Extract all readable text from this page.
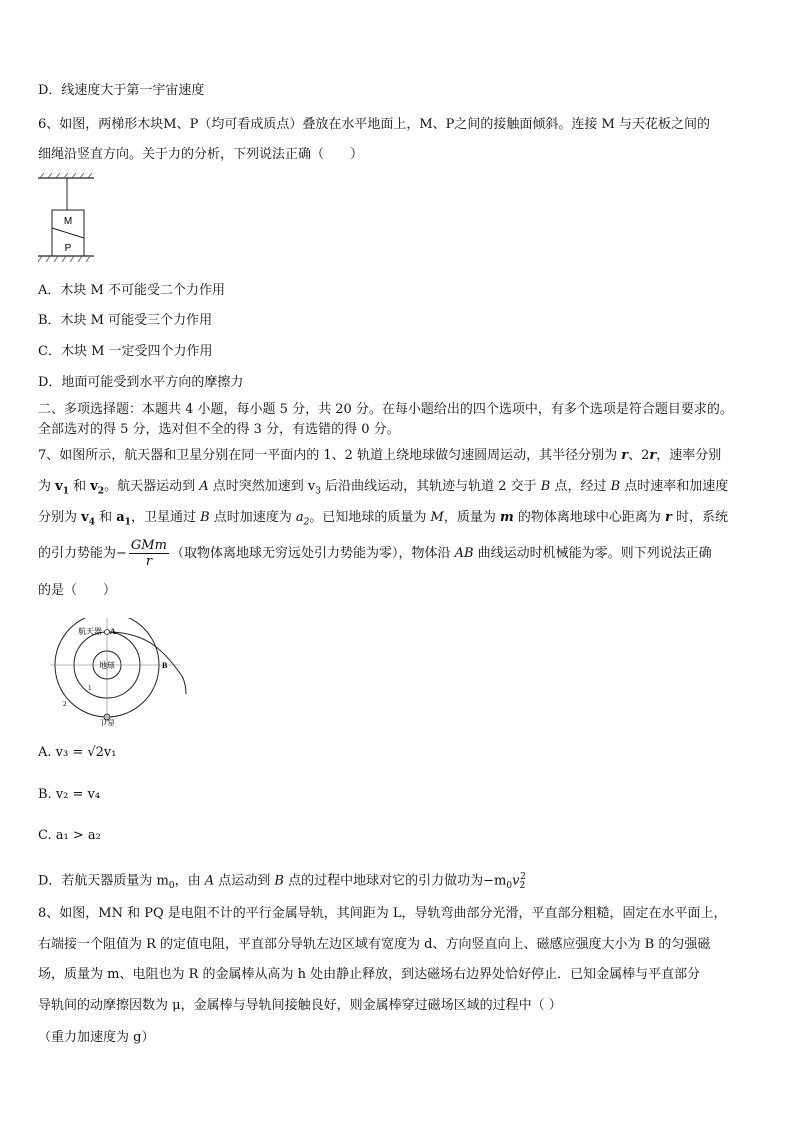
D．线速度大于第一宇宙速度
6、如图，两梯形木块M、P（均可看成质点）叠放在水平地面上，M、P之间的接触面倾斜。连接 M 与天花板之间的
细绳沿竖直方向。关于力的分析，下列说法正确（　　）
M
P
A．木块 M 不可能受二个力作用
B．木块 M 可能受三个力作用
C．木块 M 一定受四个力作用
D．地面可能受到水平方向的摩擦力
二、多项选择题：本题共 4 小题，每小题 5 分，共 20 分。在每小题给出的四个选项中，有多个选项是符合题目要求的。
全部选对的得 5 分，选对但不全的得 3 分，有选错的得 0 分。
7、如图所示，航天器和卫星分别在同一平面内的 1、2 轨道上绕地球做匀速圆周运动，其半径分别为 r、2r，速率分别
为 $v_1$ 和 $v_2$。航天器运动到 A 点时突然加速到 $v_3$ 后沿曲线运动，其轨迹与轨道 2 交于 B 点，经过 B 点时速率和加速度
分别为 $v_4$ 和 $a_1$，卫星通过 B 点时加速度为 $a_2$。已知地球的质量为 M，质量为 m 的物体离地球中心距离为 r 时，系统
的引力势能为− $\frac{\text{GMm}}{r}$ （取物体离地球无穷远处引力势能为零），物体沿 AB 曲线运动时机械能为零。则下列说法正确
的是（　　）
航天器 A
B
地球
1
2
卫星
A. v₃ = √2v₁
B. v₂ = v₄
C. a₁ > a₂
D．若航天器质量为 $m_0$，由 A 点运动到 B 点的过程中地球对它的引力做功为$-m_0v_2^2$
8、如图，MN 和 PQ 是电阻不计的平行金属导轨，其间距为 L，导轨弯曲部分光滑，平直部分粗糙，固定在水平面上，
右端接一个阻值为 R 的定值电阻，平直部分导轨左边区域有宽度为 d、方向竖直向上、磁感应强度大小为 B 的匀强磁
场，质量为 m、电阻也为 R 的金属棒从高为 h 处由静止释放，到达磁场右边界处恰好停止．已知金属棒与平直部分
导轨间的动摩擦因数为 μ，金属棒与导轨间接触良好，则金属棒穿过磁场区域的过程中（ ）
（重力加速度为 g）
